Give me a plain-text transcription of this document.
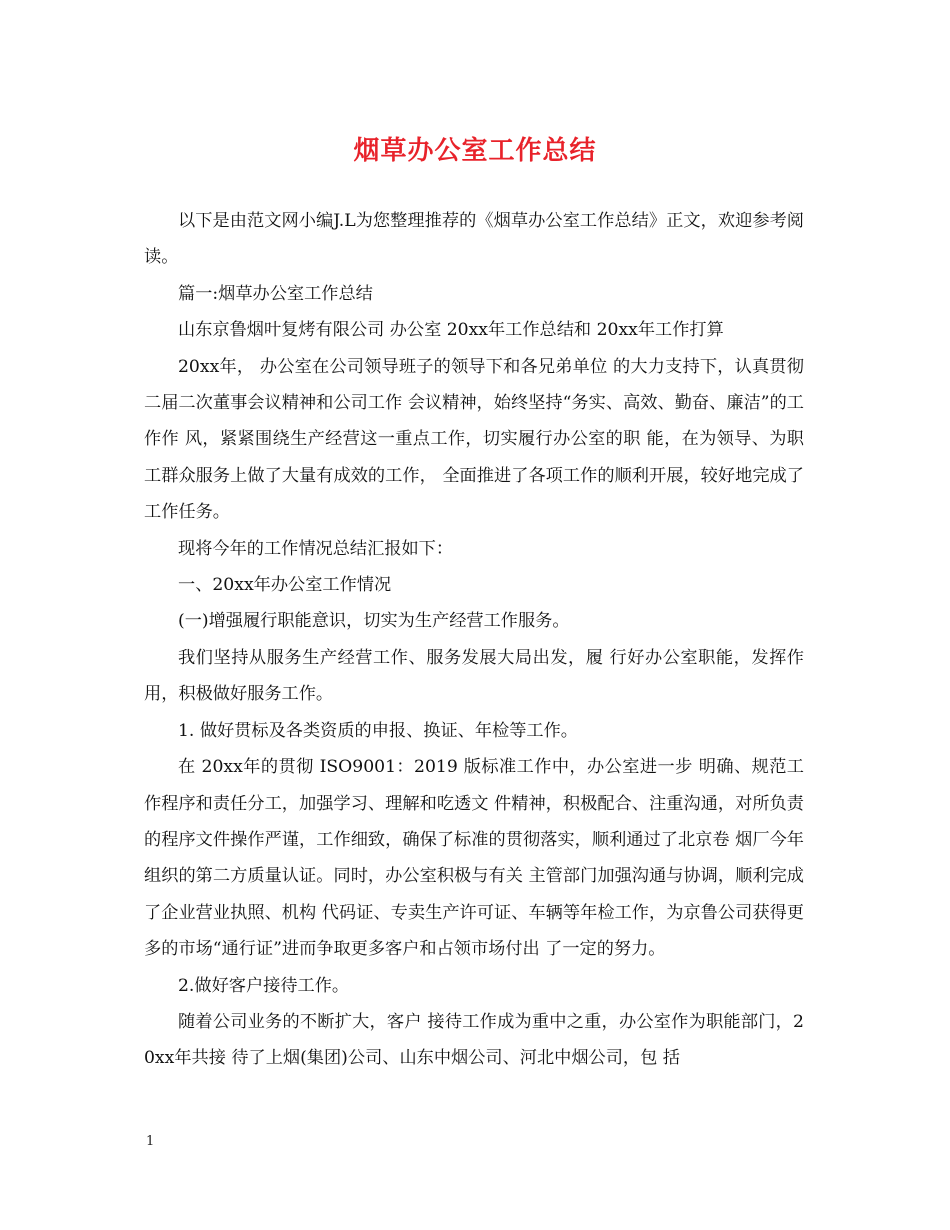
烟草办公室工作总结

以下是由范文网小编J.L为您整理推荐的《烟草办公室工作总结》正文，欢迎参考阅读。

篇一:烟草办公室工作总结

山东京鲁烟叶复烤有限公司 办公室 20xx年工作总结和 20xx年工作打算

20xx年， 办公室在公司领导班子的领导下和各兄弟单位 的大力支持下，认真贯彻二届二次董事会议精神和公司工作 会议精神，始终坚持“务实、高效、勤奋、廉洁”的工作作 风，紧紧围绕生产经营这一重点工作，切实履行办公室的职 能，在为领导、为职工群众服务上做了大量有成效的工作， 全面推进了各项工作的顺利开展，较好地完成了工作任务。

现将今年的工作情况总结汇报如下：

一、20xx年办公室工作情况

(一)增强履行职能意识，切实为生产经营工作服务。

我们坚持从服务生产经营工作、服务发展大局出发，履 行好办公室职能，发挥作用，积极做好服务工作。

1. 做好贯标及各类资质的申报、换证、年检等工作。

在 20xx年的贯彻 ISO9001：2019 版标准工作中，办公室进一步 明确、规范工作程序和责任分工，加强学习、理解和吃透文 件精神，积极配合、注重沟通，对所负责的程序文件操作严谨，工作细致，确保了标准的贯彻落实，顺利通过了北京卷 烟厂今年组织的第二方质量认证。同时，办公室积极与有关 主管部门加强沟通与协调，顺利完成了企业营业执照、机构 代码证、专卖生产许可证、车辆等年检工作，为京鲁公司获得更多的市场“通行证”进而争取更多客户和占领市场付出 了一定的努力。

2.做好客户接待工作。

随着公司业务的不断扩大，客户 接待工作成为重中之重，办公室作为职能部门，20xx年共接 待了上烟(集团)公司、山东中烟公司、河北中烟公司，包 括

1
